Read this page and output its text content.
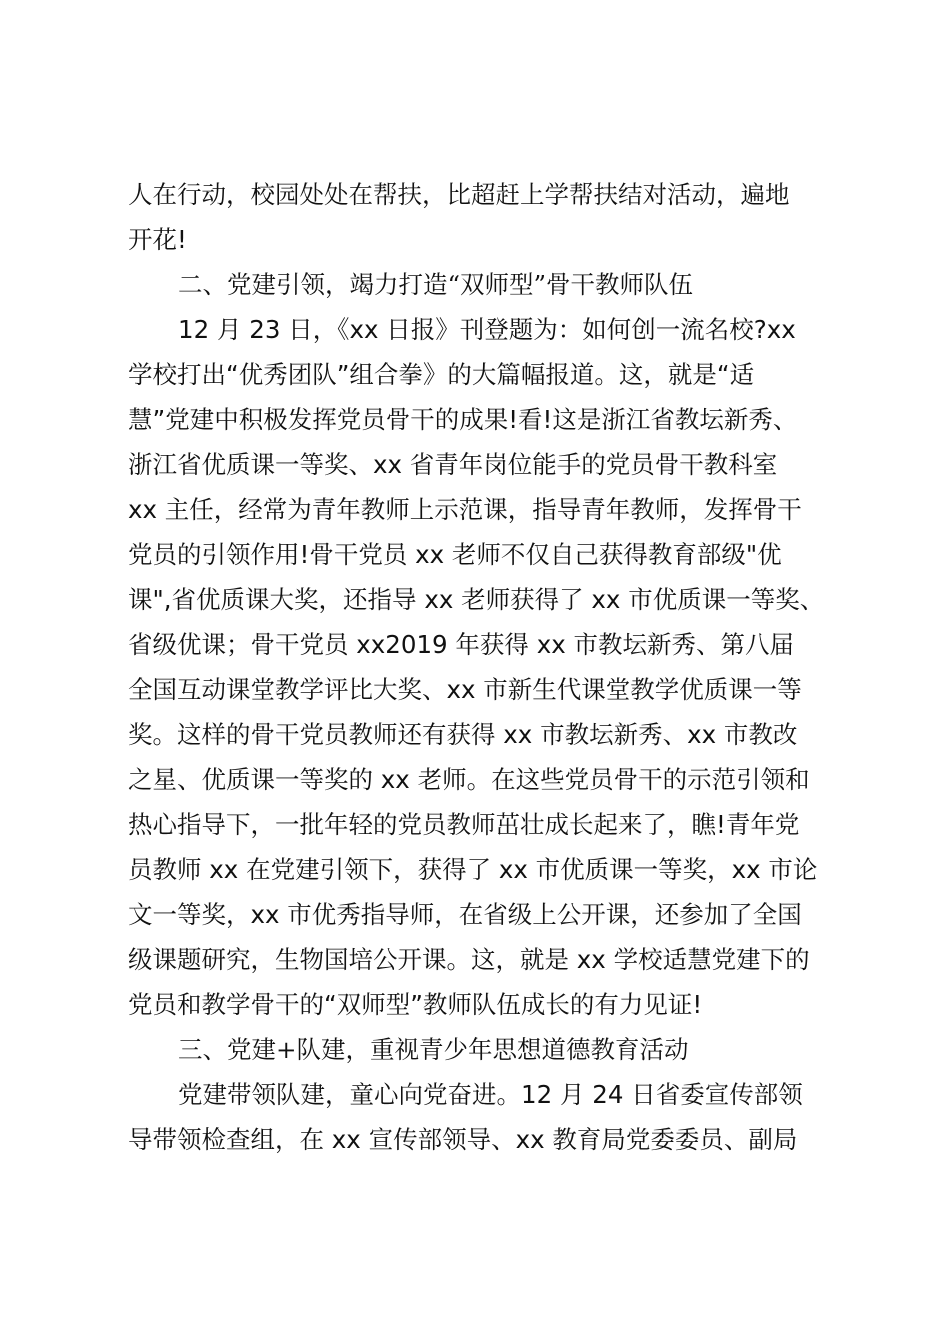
人在行动，校园处处在帮扶，比超赶上学帮扶结对活动，遍地
开花!
二、党建引领，竭力打造“双师型”骨干教师队伍
12 月 23 日，《xx 日报》刊登题为：如何创一流名校?xx
学校打出“优秀团队”组合拳》的大篇幅报道。这，就是“适
慧”党建中积极发挥党员骨干的成果!看!这是浙江省教坛新秀、
浙江省优质课一等奖、xx 省青年岗位能手的党员骨干教科室
xx 主任，经常为青年教师上示范课，指导青年教师，发挥骨干
党员的引领作用!骨干党员 xx 老师不仅自己获得教育部级"优
课",省优质课大奖，还指导 xx 老师获得了 xx 市优质课一等奖、
省级优课；骨干党员 xx2019 年获得 xx 市教坛新秀、第八届
全国互动课堂教学评比大奖、xx 市新生代课堂教学优质课一等
奖。这样的骨干党员教师还有获得 xx 市教坛新秀、xx 市教改
之星、优质课一等奖的 xx 老师。在这些党员骨干的示范引领和
热心指导下，一批年轻的党员教师茁壮成长起来了，瞧!青年党
员教师 xx 在党建引领下，获得了 xx 市优质课一等奖，xx 市论
文一等奖，xx 市优秀指导师，在省级上公开课，还参加了全国
级课题研究，生物国培公开课。这，就是 xx 学校适慧党建下的
党员和教学骨干的“双师型”教师队伍成长的有力见证!
三、党建+队建，重视青少年思想道德教育活动
党建带领队建，童心向党奋进。12 月 24 日省委宣传部领
导带领检查组，在 xx 宣传部领导、xx 教育局党委委员、副局
